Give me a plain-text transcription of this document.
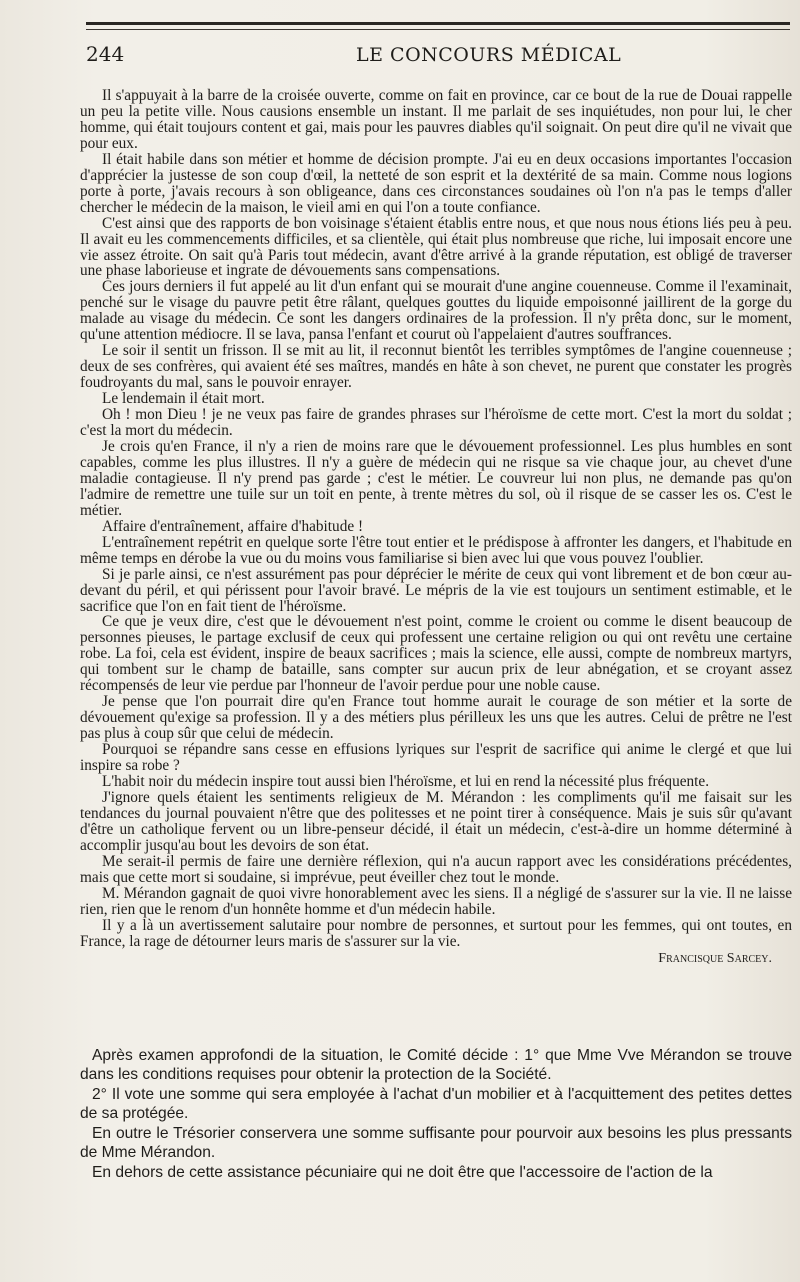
244	LE CONCOURS MÉDICAL

Il s'appuyait à la barre de la croisée ouverte, comme on fait en province, car ce bout de la rue de Douai rappelle un peu la petite ville. Nous causions ensemble un instant. Il me parlait de ses inquiétudes, non pour lui, le cher homme, qui était toujours content et gai, mais pour les pauvres diables qu'il soignait. On peut dire qu'il ne vivait que pour eux.

Il était habile dans son métier et homme de décision prompte. J'ai eu en deux occasions importantes l'occasion d'apprécier la justesse de son coup d'œil, la netteté de son esprit et la dextérité de sa main. Comme nous logions porte à porte, j'avais recours à son obligeance, dans ces circonstances soudaines où l'on n'a pas le temps d'aller chercher le médecin de la maison, le vieil ami en qui l'on a toute confiance.

C'est ainsi que des rapports de bon voisinage s'étaient établis entre nous, et que nous nous étions liés peu à peu. Il avait eu les commencements difficiles, et sa clientèle, qui était plus nombreuse que riche, lui imposait encore une vie assez étroite. On sait qu'à Paris tout médecin, avant d'être arrivé à la grande réputation, est obligé de traverser une phase laborieuse et ingrate de dévouements sans compensations.

Ces jours derniers il fut appelé au lit d'un enfant qui se mourait d'une angine couenneuse. Comme il l'examinait, penché sur le visage du pauvre petit être râlant, quelques gouttes du liquide empoisonné jaillirent de la gorge du malade au visage du médecin. Ce sont les dangers ordinaires de la profession. Il n'y prêta donc, sur le moment, qu'une attention médiocre. Il se lava, pansa l'enfant et courut où l'appelaient d'autres souffrances.

Le soir il sentit un frisson. Il se mit au lit, il reconnut bientôt les terribles symptômes de l'angine couenneuse ; deux de ses confrères, qui avaient été ses maîtres, mandés en hâte à son chevet, ne purent que constater les progrès foudroyants du mal, sans le pouvoir enrayer.

Le lendemain il était mort.

Oh ! mon Dieu ! je ne veux pas faire de grandes phrases sur l'héroïsme de cette mort. C'est la mort du soldat ; c'est la mort du médecin.

Je crois qu'en France, il n'y a rien de moins rare que le dévouement professionnel. Les plus humbles en sont capables, comme les plus illustres. Il n'y a guère de médecin qui ne risque sa vie chaque jour, au chevet d'une maladie contagieuse. Il n'y prend pas garde ; c'est le métier. Le couvreur lui non plus, ne demande pas qu'on l'admire de remettre une tuile sur un toit en pente, à trente mètres du sol, où il risque de se casser les os. C'est le métier.

Affaire d'entraînement, affaire d'habitude !

L'entraînement repétrit en quelque sorte l'être tout entier et le prédispose à affronter les dangers, et l'habitude en même temps en dérobe la vue ou du moins vous familiarise si bien avec lui que vous pouvez l'oublier.

Si je parle ainsi, ce n'est assurément pas pour déprécier le mérite de ceux qui vont librement et de bon cœur au-devant du péril, et qui périssent pour l'avoir bravé. Le mépris de la vie est toujours un sentiment estimable, et le sacrifice que l'on en fait tient de l'héroïsme.

Ce que je veux dire, c'est que le dévouement n'est point, comme le croient ou comme le disent beaucoup de personnes pieuses, le partage exclusif de ceux qui professent une certaine religion ou qui ont revêtu une certaine robe. La foi, cela est évident, inspire de beaux sacrifices ; mais la science, elle aussi, compte de nombreux martyrs, qui tombent sur le champ de bataille, sans compter sur aucun prix de leur abnégation, et se croyant assez récompensés de leur vie perdue par l'honneur de l'avoir perdue pour une noble cause.

Je pense que l'on pourrait dire qu'en France tout homme aurait le courage de son métier et la sorte de dévouement qu'exige sa profession. Il y a des métiers plus périlleux les uns que les autres. Celui de prêtre ne l'est pas plus à coup sûr que celui de médecin.

Pourquoi se répandre sans cesse en effusions lyriques sur l'esprit de sacrifice qui anime le clergé et que lui inspire sa robe ?

L'habit noir du médecin inspire tout aussi bien l'héroïsme, et lui en rend la nécessité plus fréquente.

J'ignore quels étaient les sentiments religieux de M. Mérandon : les compliments qu'il me faisait sur les tendances du journal pouvaient n'être que des politesses et ne point tirer à conséquence. Mais je suis sûr qu'avant d'être un catholique fervent ou un libre-penseur décidé, il était un médecin, c'est-à-dire un homme déterminé à accomplir jusqu'au bout les devoirs de son état.

Me serait-il permis de faire une dernière réflexion, qui n'a aucun rapport avec les considérations précédentes, mais que cette mort si soudaine, si imprévue, peut éveiller chez tout le monde.

M. Mérandon gagnait de quoi vivre honorablement avec les siens. Il a négligé de s'assurer sur la vie. Il ne laisse rien, rien que le renom d'un honnête homme et d'un médecin habile.

Il y a là un avertissement salutaire pour nombre de personnes, et surtout pour les femmes, qui ont toutes, en France, la rage de détourner leurs maris de s'assurer sur la vie.

Francisque Sarcey.

Après examen approfondi de la situation, le Comité décide : 1° que Mme Vve Mérandon se trouve dans les conditions requises pour obtenir la protection de la Société.

2° Il vote une somme qui sera employée à l'achat d'un mobilier et à l'acquittement des petites dettes de sa protégée.

En outre le Trésorier conservera une somme suffisante pour pourvoir aux besoins les plus pressants de Mme Mérandon.

En dehors de cette assistance pécuniaire qui ne doit être que l'accessoire de l'action de la
